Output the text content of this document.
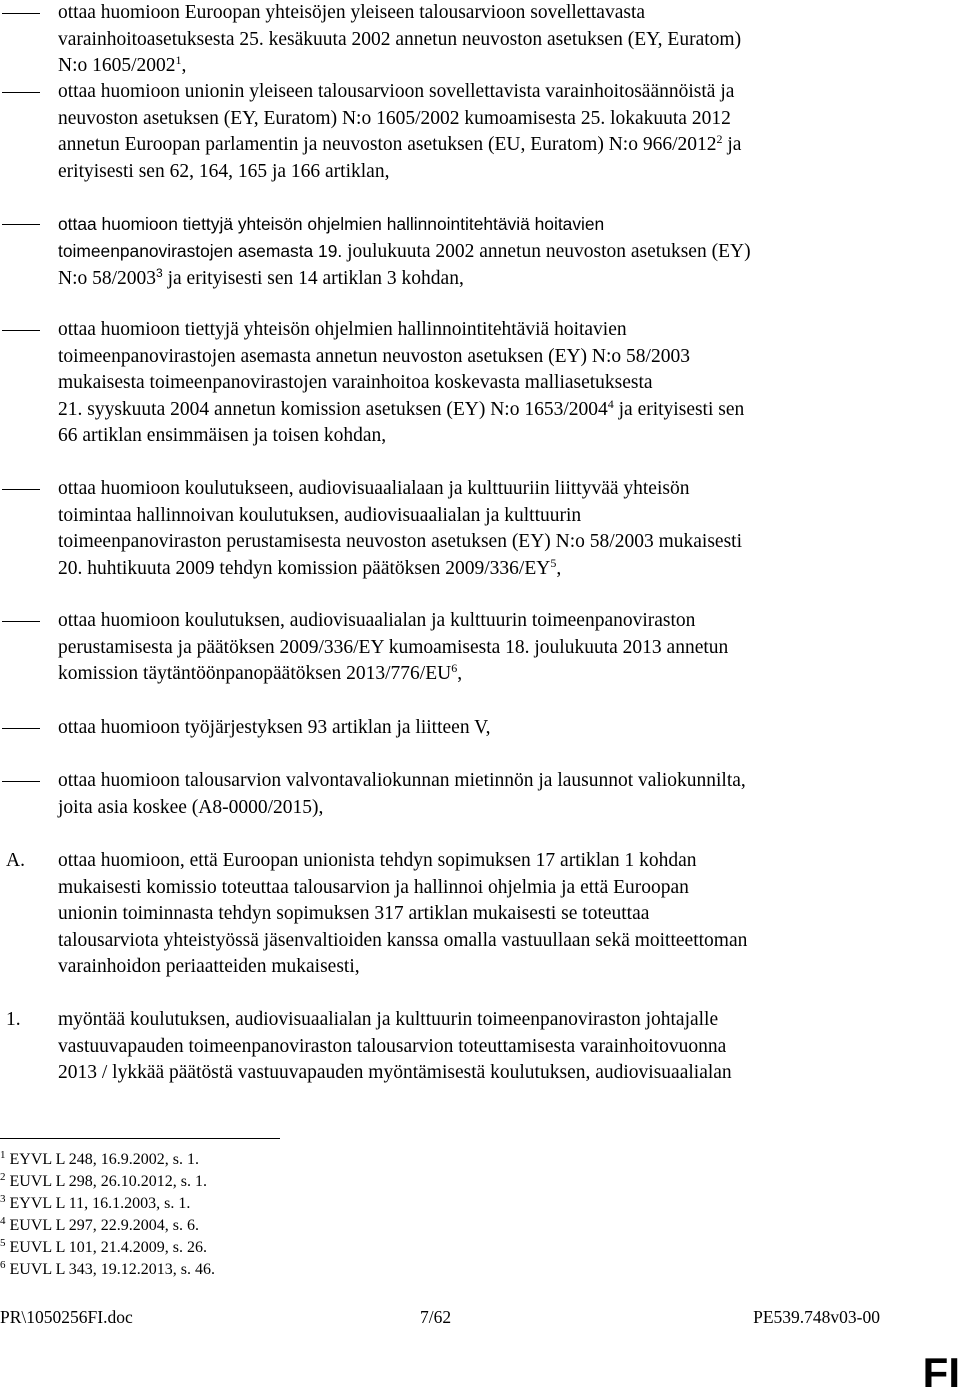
ottaa huomioon Euroopan yhteisöjen yleiseen talousarvioon sovellettavasta
varainhoitoasetuksesta 25. kesäkuuta 2002 annetun neuvoston asetuksen (EY, Euratom)
N:o 1605/2002$^1$,
ottaa huomioon unionin yleiseen talousarvioon sovellettavista varainhoitosäännöistä ja
neuvoston asetuksen (EY, Euratom) N:o 1605/2002 kumoamisesta 25. lokakuuta 2012
annetun Euroopan parlamentin ja neuvoston asetuksen (EU, Euratom) N:o 966/2012$^2$ ja
erityisesti sen 62, 164, 165 ja 166 artiklan,
ottaa huomioon tiettyjä yhteisön ohjelmien hallinnointitehtäviä hoitavien
toimeenpanovirastojen asemasta 19. joulukuuta 2002 annetun neuvoston asetuksen (EY)
N:o 58/2003$^3$ ja erityisesti sen 14 artiklan 3 kohdan,
ottaa huomioon tiettyjä yhteisön ohjelmien hallinnointitehtäviä hoitavien
toimeenpanovirastojen asemasta annetun neuvoston asetuksen (EY) N:o 58/2003
mukaisesta toimeenpanovirastojen varainhoitoa koskevasta malliasetuksesta
21. syyskuuta 2004 annetun komission asetuksen (EY) N:o 1653/2004$^4$ ja erityisesti sen
66 artiklan ensimmäisen ja toisen kohdan,
ottaa huomioon koulutukseen, audiovisuaalialaan ja kulttuuriin liittyvää yhteisön
toimintaa hallinnoivan koulutuksen, audiovisuaalialan ja kulttuurin
toimeenpanoviraston perustamisesta neuvoston asetuksen (EY) N:o 58/2003 mukaisesti
20. huhtikuuta 2009 tehdyn komission päätöksen $2009/336/EY^5$,
ottaa huomioon koulutuksen, audiovisuaalialan ja kulttuurin toimeenpanoviraston
perustamisesta ja päätöksen 2009/336/EY kumoamisesta 18. joulukuuta 2013 annetun
komission täytäntöönpanopäätöksen $2013/776/EU^6$,
ottaa huomioon työjärjestyksen 93 artiklan ja liitteen V,
ottaa huomioon talousarvion valvontavaliokunnan mietinnön ja lausunnot valiokunnilta,
joita asia koskee (A8-0000/2015),
A. ottaa huomioon, että Euroopan unionista tehdyn sopimuksen 17 artiklan 1 kohdan
mukaisesti komissio toteuttaa talousarvion ja hallinnoi ohjelmia ja että Euroopan
unionin toiminnasta tehdyn sopimuksen 317 artiklan mukaisesti se toteuttaa
talousarviota yhteistyössä jäsenvaltioiden kanssa omalla vastuullaan sekä moitteettoman
varainhoidon periaatteiden mukaisesti,
1. myöntää koulutuksen, audiovisuaalialan ja kulttuurin toimeenpanoviraston johtajalle
vastuuvapauden toimeenpanoviraston talousarvion toteuttamisesta varainhoitovuonna
2013 / lykkää päätöstä vastuuvapauden myöntämisestä koulutuksen, audiovisuaalialan
$^1$ EYVL L 248, 16.9.2002, s. 1.
$^2$ EUVL L 298, 26.10.2012, s. 1.
$^3$ EYVL L 11, 16.1.2003, s. 1.
$^4$ EUVL L 297, 22.9.2004, s. 6.
$^5$ EUVL L 101, 21.4.2009, s. 26.
$^6$ EUVL L 343, 19.12.2013, s. 46.
PR\1050256FI.doc	7/62	PE539.748v03-00
FI
